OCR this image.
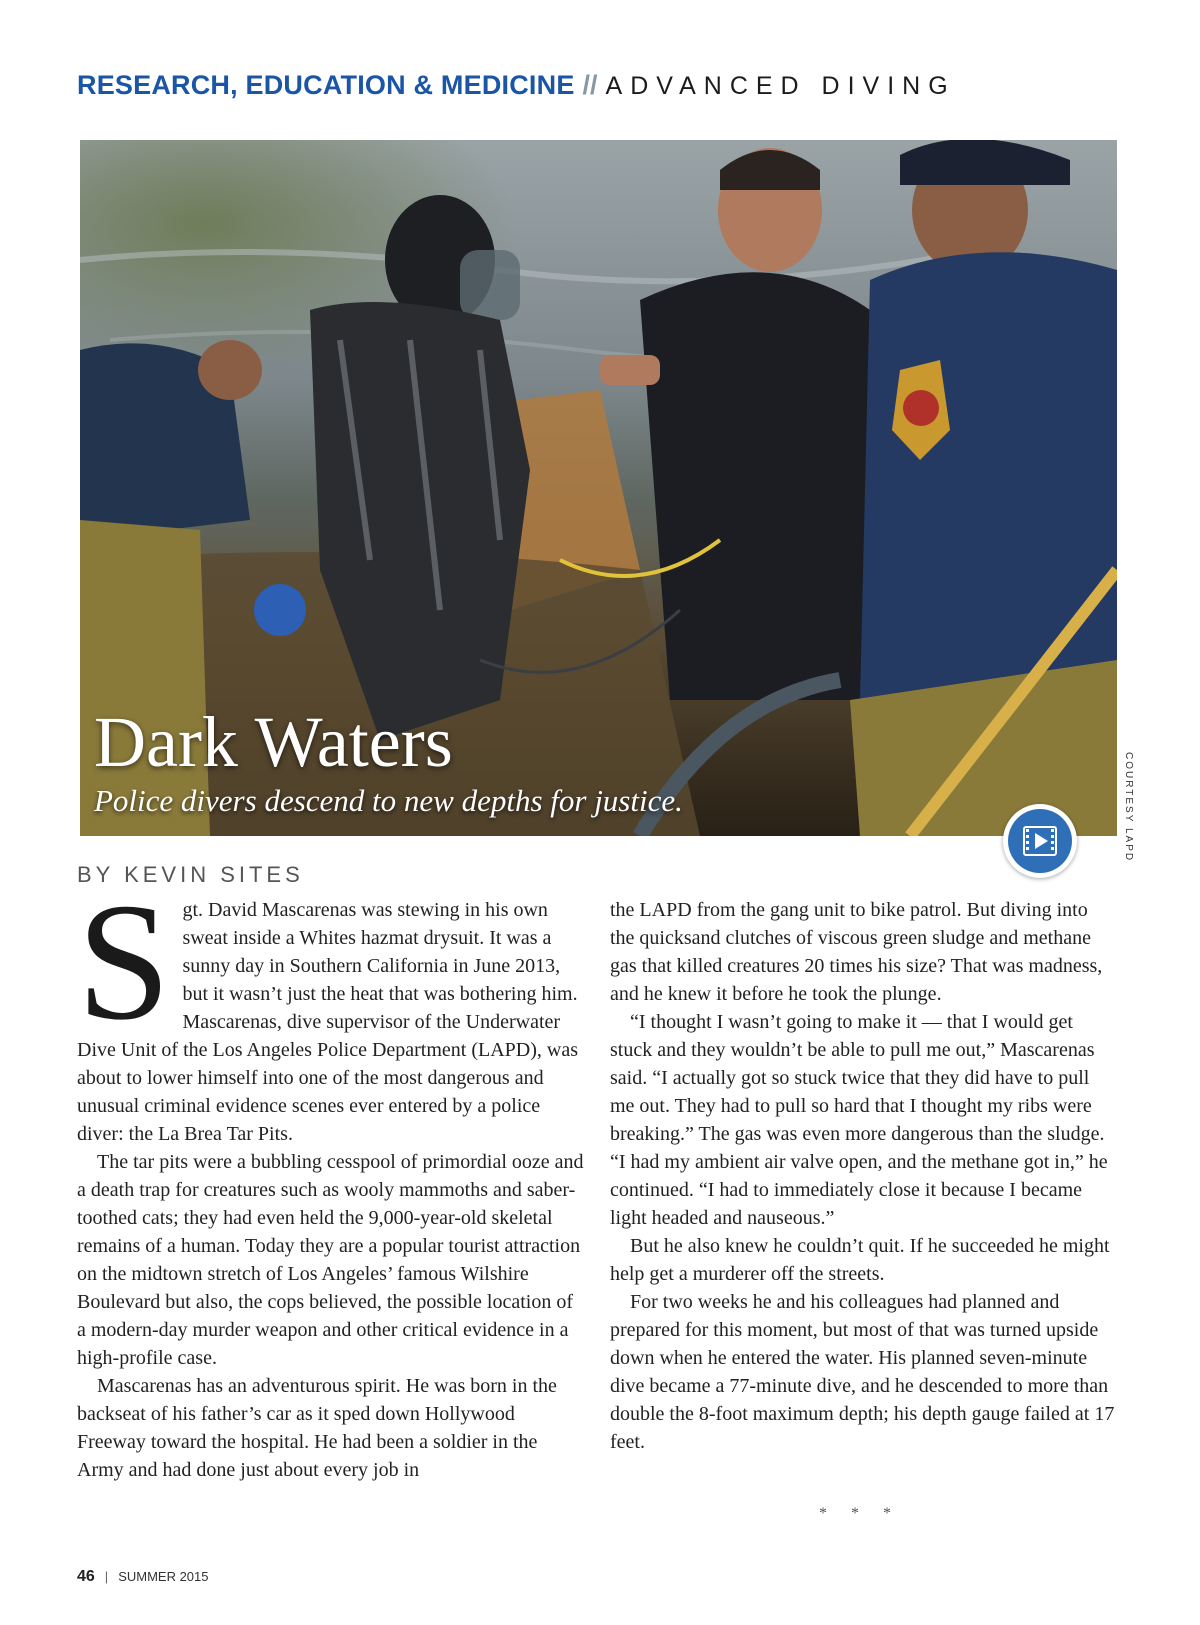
RESEARCH, EDUCATION & MEDICINE // ADVANCED DIVING
Dark Waters
Police divers descend to new depths for justice.	COURTESY LAPD
BY KEVIN SITES

Sgt. David Mascarenas was stewing in his own sweat inside a Whites hazmat drysuit. It was a sunny day in Southern California in June 2013, but it wasn’t just the heat that was bothering him. Mascarenas, dive supervisor of the Underwater Dive Unit of the Los Angeles Police Department (LAPD), was about to lower himself into one of the most dangerous and unusual criminal evidence scenes ever entered by a police diver: the La Brea Tar Pits.

The tar pits were a bubbling cesspool of primordial ooze and a death trap for creatures such as wooly mammoths and saber-toothed cats; they had even held the 9,000-year-old skeletal remains of a human. Today they are a popular tourist attraction on the midtown stretch of Los Angeles’ famous Wilshire Boulevard but also, the cops believed, the possible location of a modern-day murder weapon and other critical evidence in a high-profile case.

Mascarenas has an adventurous spirit. He was born in the backseat of his father’s car as it sped down Hollywood Freeway toward the hospital. He had been a soldier in the Army and had done just about every job in

the LAPD from the gang unit to bike patrol. But diving into the quicksand clutches of viscous green sludge and methane gas that killed creatures 20 times his size? That was madness, and he knew it before he took the plunge.

“I thought I wasn’t going to make it — that I would get stuck and they wouldn’t be able to pull me out,” Mascarenas said. “I actually got so stuck twice that they did have to pull me out. They had to pull so hard that I thought my ribs were breaking.” The gas was even more dangerous than the sludge. “I had my ambient air valve open, and the methane got in,” he continued. “I had to immediately close it because I became light headed and nauseous.”

But he also knew he couldn’t quit. If he succeeded he might help get a murderer off the streets.

For two weeks he and his colleagues had planned and prepared for this moment, but most of that was turned upside down when he entered the water. His planned seven-minute dive became a 77-minute dive, and he descended to more than double the 8-foot maximum depth; his depth gauge failed at 17 feet.

* * *
46 | SUMMER 2015
